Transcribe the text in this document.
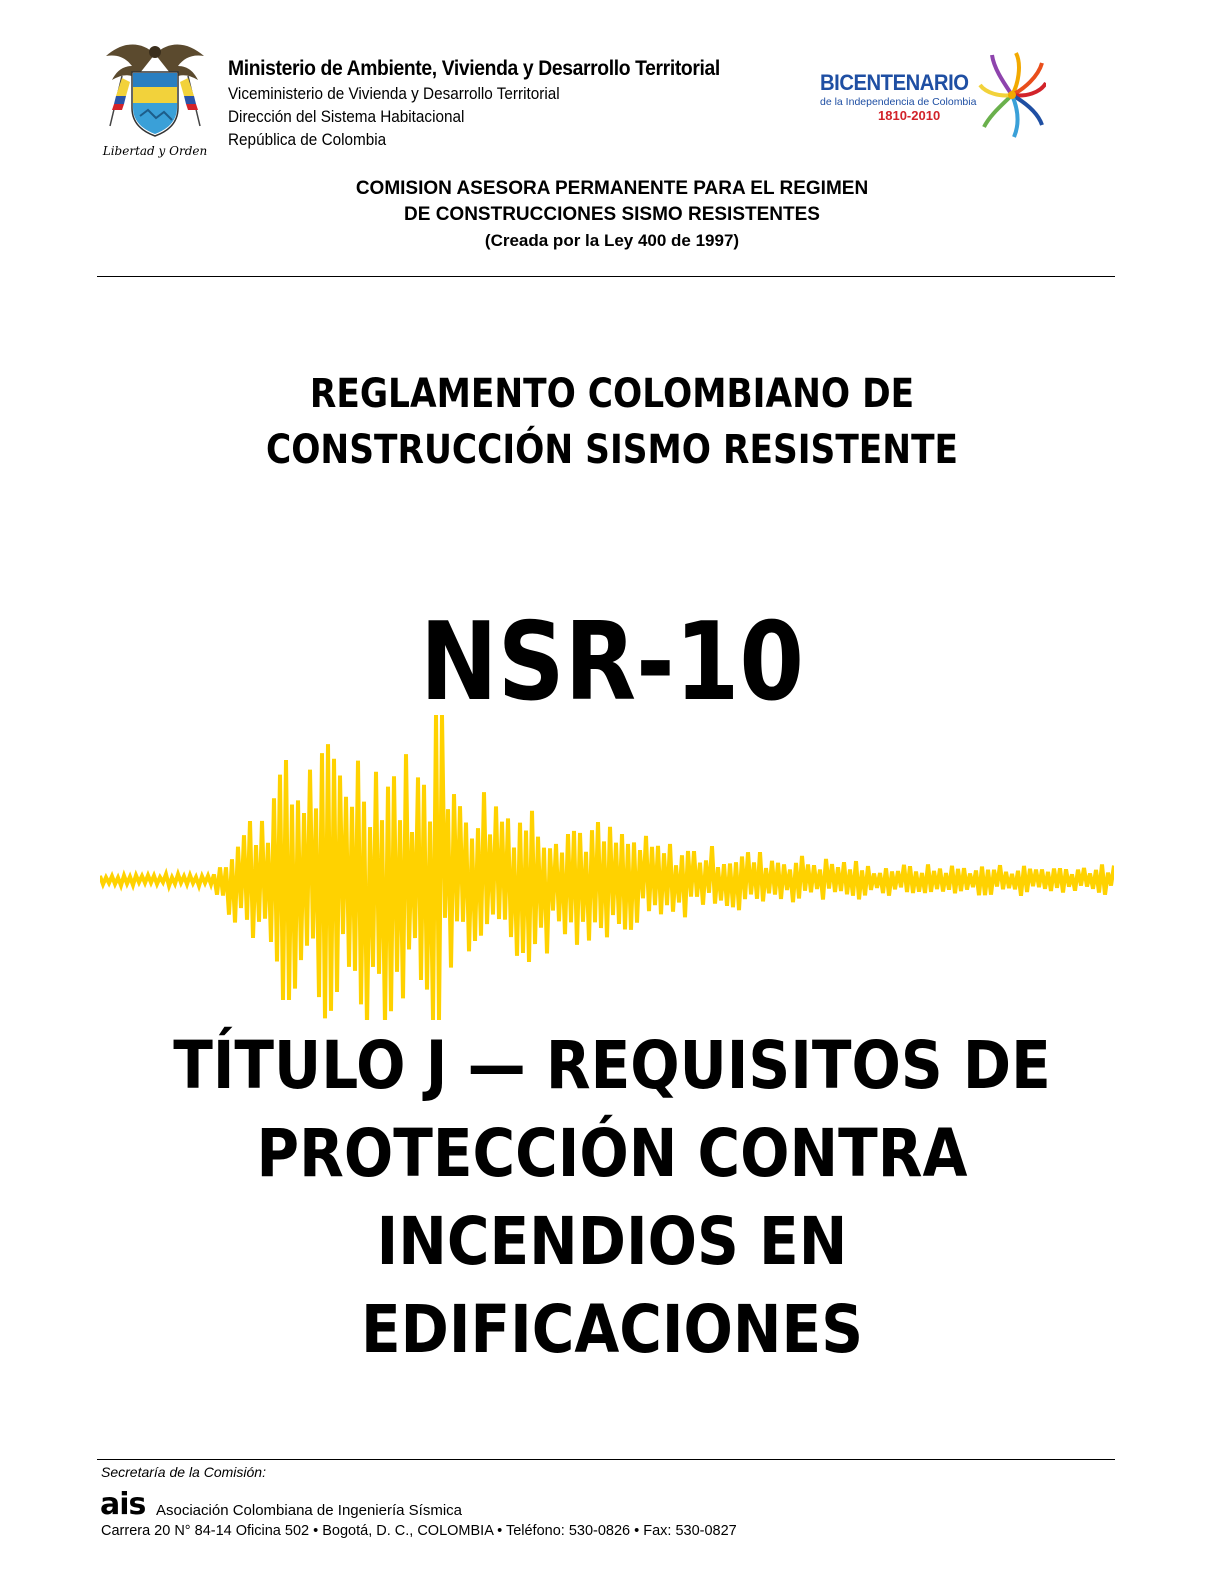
Libertad y Orden
Ministerio de Ambiente, Vivienda y Desarrollo Territorial
Viceministerio de Vivienda y Desarrollo Territorial
Dirección del Sistema Habitacional
República de Colombia
BICENTENARIO
de la Independencia de Colombia
1810-2010
COMISION ASESORA PERMANENTE PARA EL REGIMEN
DE CONSTRUCCIONES SISMO RESISTENTES
(Creada por la Ley 400 de 1997)
REGLAMENTO COLOMBIANO DE
CONSTRUCCIÓN SISMO RESISTENTE
NSR-10
TÍTULO J — REQUISITOS DE
PROTECCIÓN CONTRA
INCENDIOS EN
EDIFICACIONES
Secretaría de la Comisión:
ais Asociación Colombiana de Ingeniería Sísmica
Carrera 20 N° 84-14 Oficina 502 • Bogotá, D. C., COLOMBIA • Teléfono: 530-0826 • Fax: 530-0827
